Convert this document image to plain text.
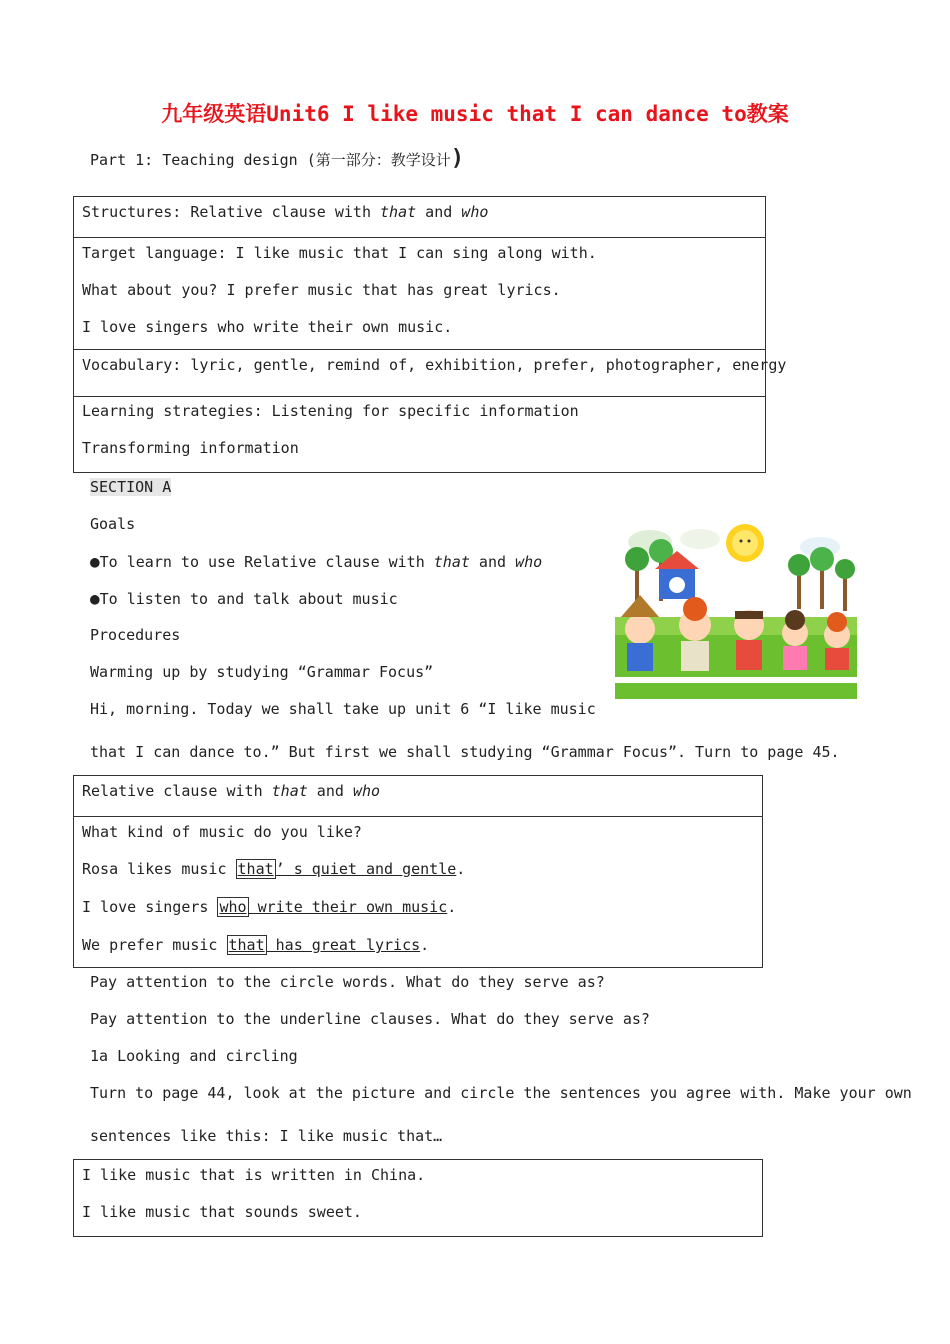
九年级英语Unit6 I like music that I can dance to教案
Part 1: Teaching design (第一部分：教学设计)
Structures: Relative clause with that and who
Target language: I like music that I can sing along with.
What about you? I prefer music that has great lyrics.
I love singers who write their own music.
Vocabulary: lyric, gentle, remind of, exhibition, prefer, photographer, energy
Learning strategies: Listening for specific information
Transforming information
SECTION A
Goals
●To learn to use Relative clause with that and who
●To listen to and talk about music
Procedures
Warming up by studying “Grammar Focus”
Hi, morning. Today we shall take up unit 6 “I like music
that I can dance to.” But first we shall studying “Grammar Focus”. Turn to page 45.
Relative clause with that and who
What kind of music do you like?
Rosa likes music that ’ s quiet and gentle.
I love singers who write their own music.
We prefer music that has great lyrics.
Pay attention to the circle words. What do they serve as?
Pay attention to the underline clauses. What do they serve as?
1a Looking and circling
Turn to page 44, look at the picture and circle the sentences you agree with. Make your own
sentences like this: I like music that…
I like music that is written in China.
I like music that sounds sweet.
